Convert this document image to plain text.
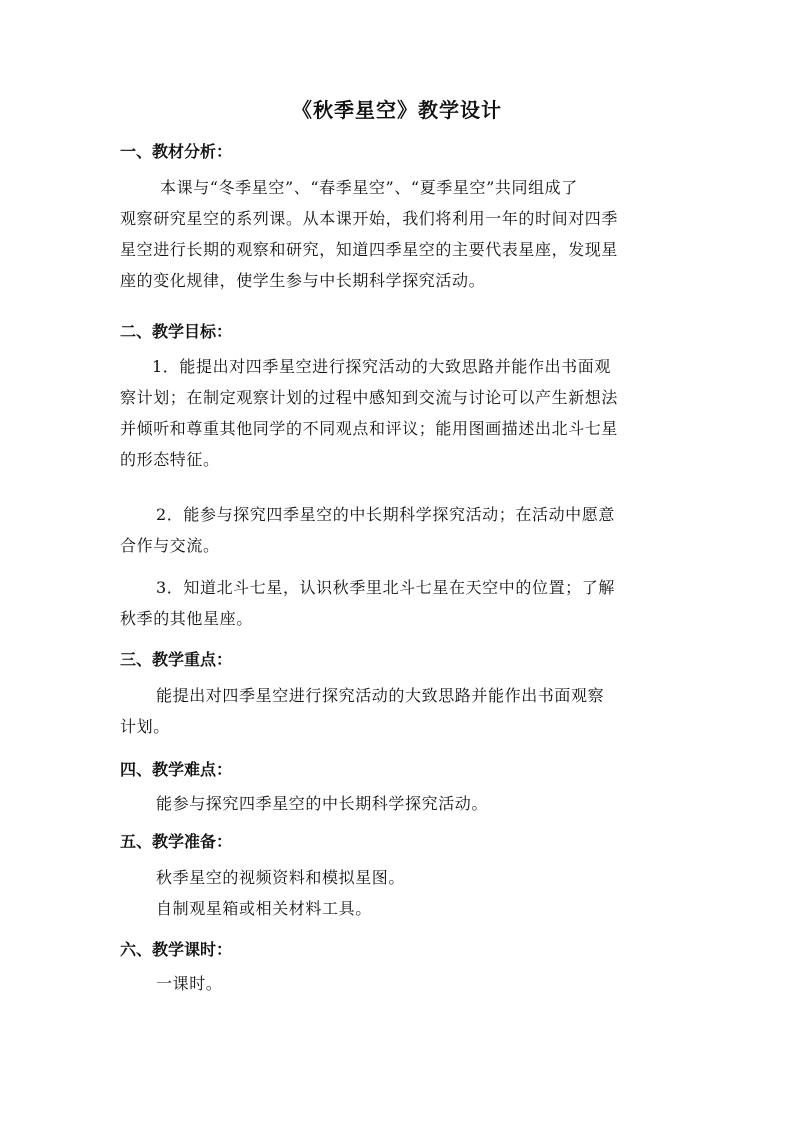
《秋季星空》教学设计
一、教材分析：
本课与“冬季星空”、“春季星空”、“夏季星空”共同组成了
观察研究星空的系列课。从本课开始，我们将利用一年的时间对四季
星空进行长期的观察和研究，知道四季星空的主要代表星座，发现星
座的变化规律，使学生参与中长期科学探究活动。
二、教学目标：
1．能提出对四季星空进行探究活动的大致思路并能作出书面观
察计划；在制定观察计划的过程中感知到交流与讨论可以产生新想法
并倾听和尊重其他同学的不同观点和评议；能用图画描述出北斗七星
的形态特征。
2．能参与探究四季星空的中长期科学探究活动；在活动中愿意
合作与交流。
3．知道北斗七星，认识秋季里北斗七星在天空中的位置；了解
秋季的其他星座。
三、教学重点：
能提出对四季星空进行探究活动的大致思路并能作出书面观察
计划。
四、教学难点：
能参与探究四季星空的中长期科学探究活动。
五、教学准备：
秋季星空的视频资料和模拟星图。
自制观星箱或相关材料工具。
六、教学课时：
一课时。
